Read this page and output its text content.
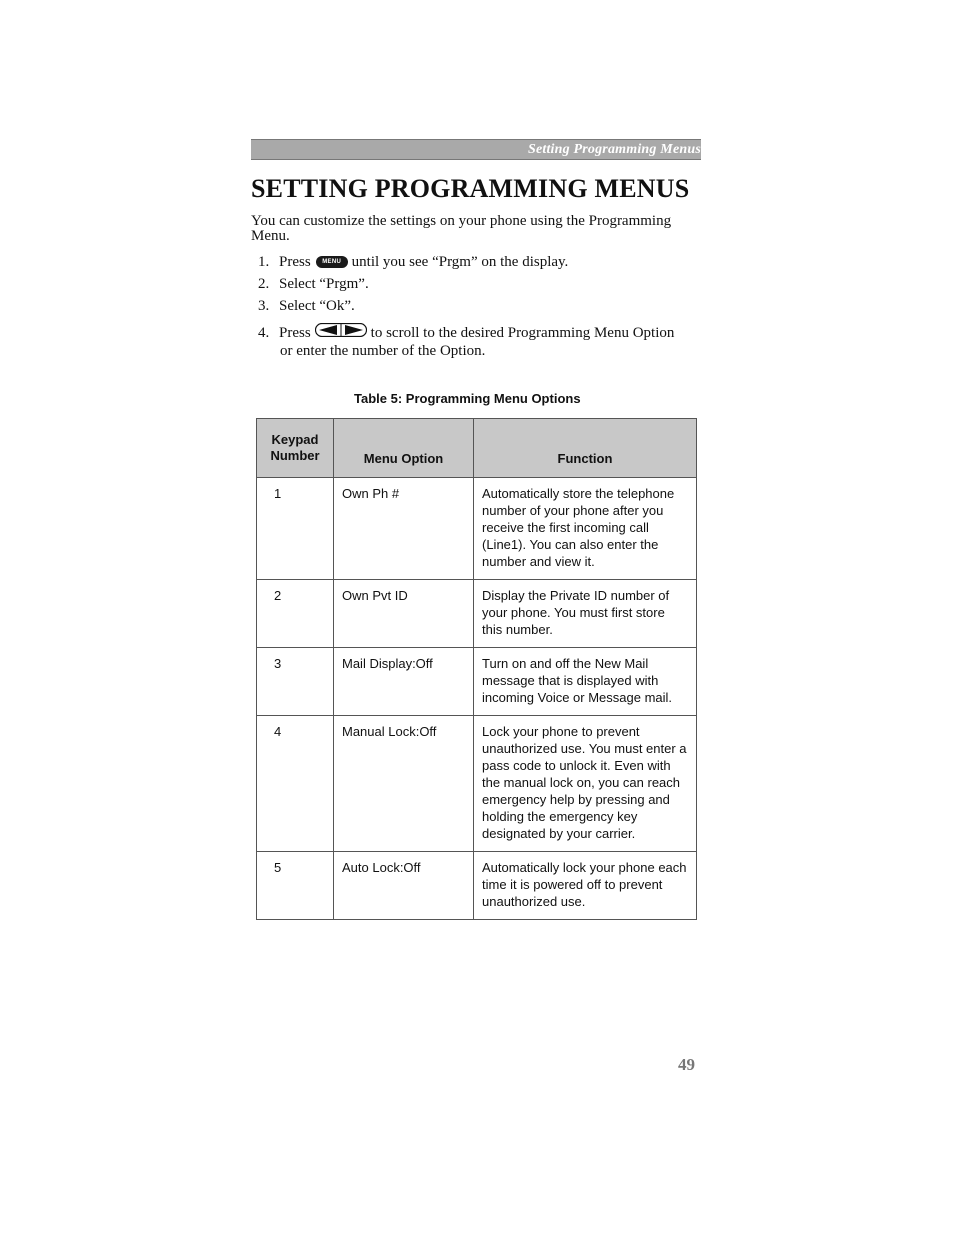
Setting Programming Menus
SETTING PROGRAMMING MENUS

You can customize the settings on your phone using the Programming Menu.

1. Press	MENU until you see “Prgm” on the display.
2. Select “Prgm”.
3. Select “Ok”.
4. Press	to scroll to the desired Programming Menu Option
or enter the number of the Option.
Table 5: Programming Menu Options
Keypad
Number	Menu Option	Function
1	Own Ph #	Automatically store the telephone number of your phone after you receive the first incoming call (Line1). You can also enter the number and view it.
2	Own Pvt ID	Display the Private ID number of your phone. You must first store this number.
3	Mail Display:Off	Turn on and off the New Mail message that is displayed with incoming Voice or Message mail.
4	Manual Lock:Off	Lock your phone to prevent unauthorized use. You must enter a pass code to unlock it. Even with the manual lock on, you can reach emergency help by pressing and holding the emergency key designated by your carrier.
5	Auto Lock:Off	Automatically lock your phone each time it is powered off to prevent unauthorized use.
49
